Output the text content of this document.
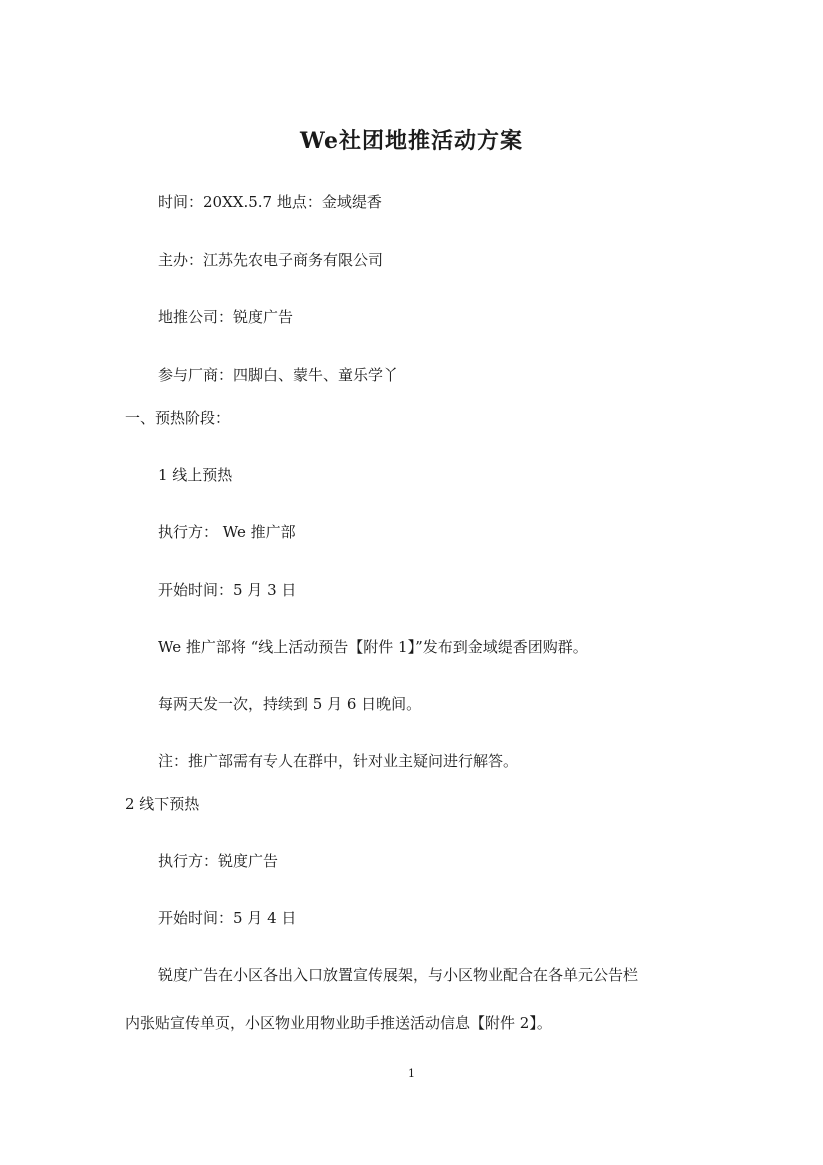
We社团地推活动方案
时间：20XX.5.7 地点：金域缇香
主办：江苏先农电子商务有限公司
地推公司：锐度广告
参与厂商：四脚白、蒙牛、童乐学丫
一、预热阶段：
1 线上预热
执行方： We 推广部
开始时间：5 月 3 日
We 推广部将 “线上活动预告【附件 1】”发布到金域缇香团购群。
每两天发一次，持续到 5 月 6 日晚间。
注：推广部需有专人在群中，针对业主疑问进行解答。
2 线下预热
执行方：锐度广告
开始时间：5 月 4 日
锐度广告在小区各出入口放置宣传展架，与小区物业配合在各单元公告栏
内张贴宣传单页，小区物业用物业助手推送活动信息【附件 2】。
1
